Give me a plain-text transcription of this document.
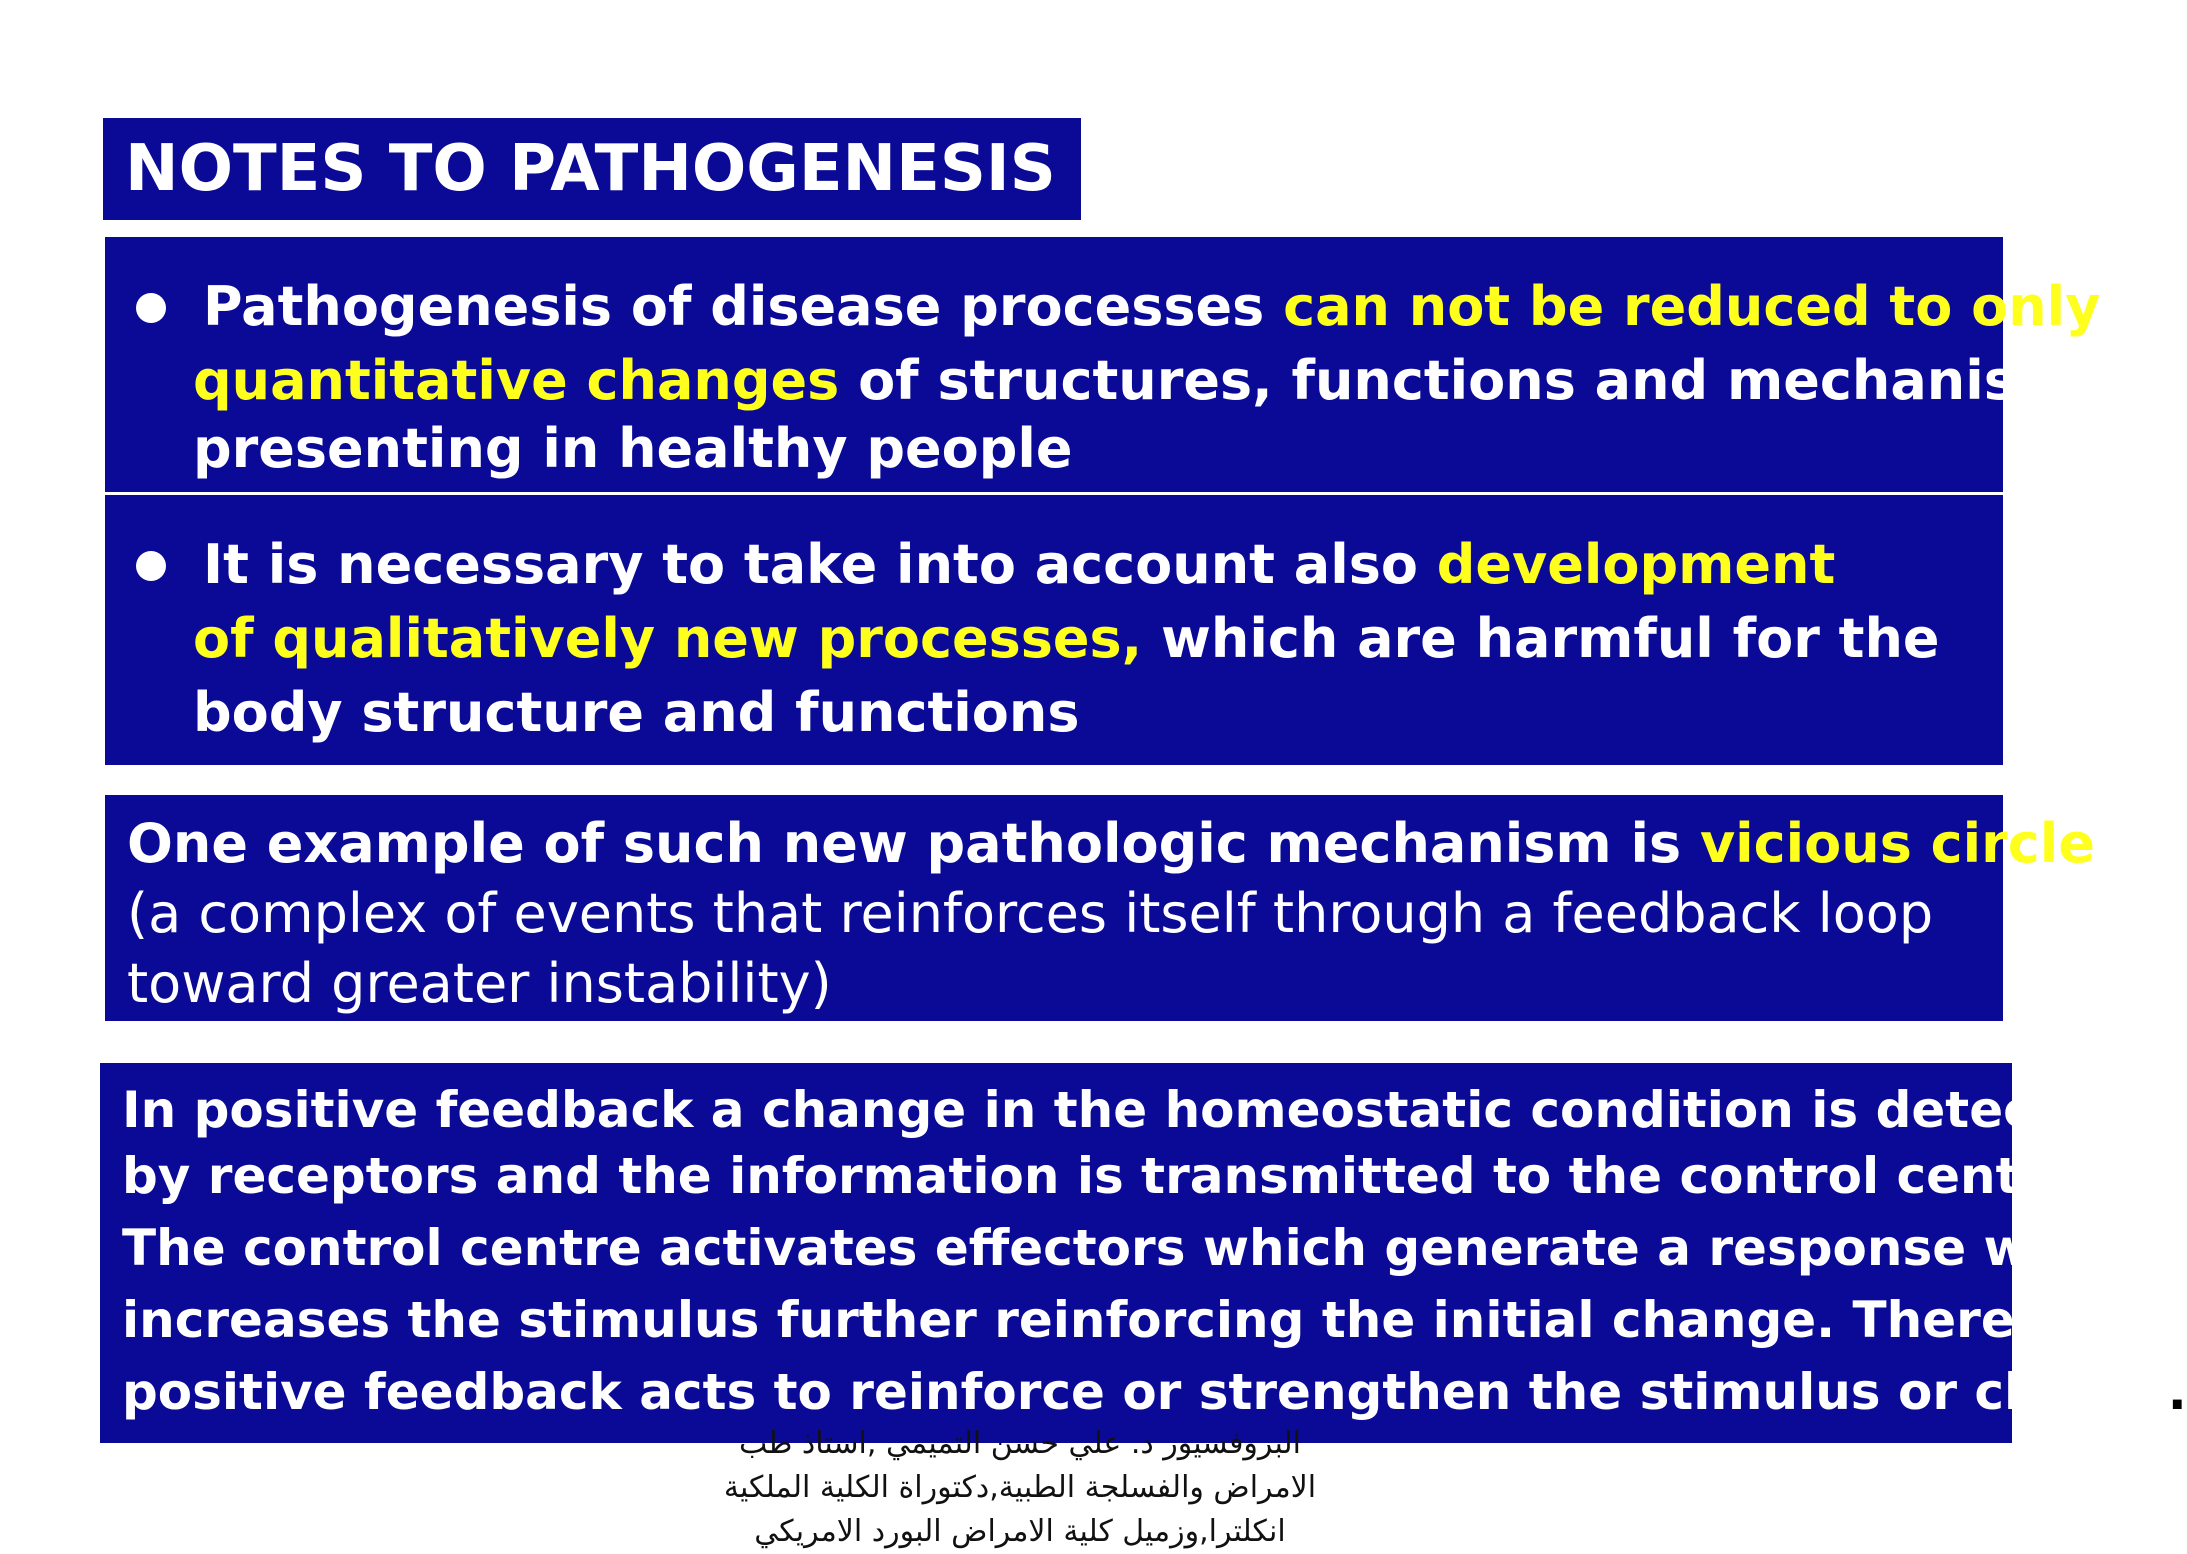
NOTES TO PATHOGENESIS
Pathogenesis of disease processes can not be reduced to only
quantitative changes of structures, functions and mechanisms
presenting in healthy people
It is necessary to take into account also development
of qualitatively new processes, which are harmful for the
body structure and functions
One example of such new pathologic mechanism is vicious circle
(a complex of events that reinforces itself through a feedback loop
toward greater instability)
In positive feedback a change in the homeostatic condition is detected
by receptors and the information is transmitted to the control centre.
The control centre activates effectors which generate a response which
increases the stimulus further reinforcing the initial change. Therefore,
positive feedback acts to reinforce or strengthen the stimulus or charge.
البروفسيور د. علي حسن التميمي ,استاذ طب
الامراض والفسلجة الطبية,دكتوراة الكلية الملكية
انكلترا,وزميل كلية الامراض البورد الامريكي
